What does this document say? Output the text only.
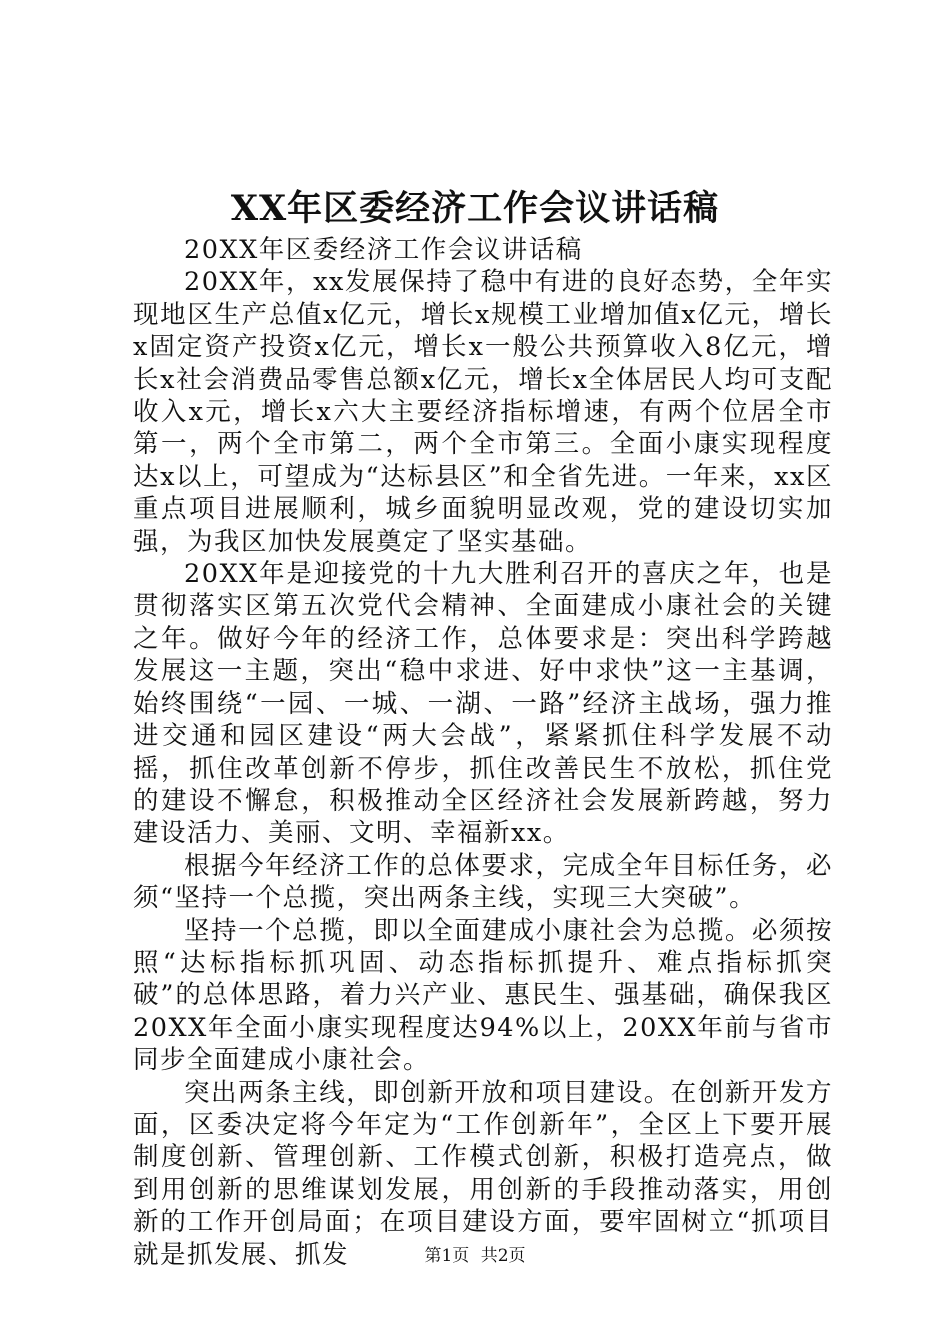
XX年区委经济工作会议讲话稿

20XX年区委经济工作会议讲话稿

20XX年，xx发展保持了稳中有进的良好态势，全年实现地区生产总值x亿元，增长x规模工业增加值x亿元，增长x固定资产投资x亿元，增长x一般公共预算收入8亿元，增长x社会消费品零售总额x亿元，增长x全体居民人均可支配收入x元，增长x六大主要经济指标增速，有两个位居全市第一，两个全市第二，两个全市第三。全面小康实现程度达x以上，可望成为“达标县区”和全省先进。一年来，xx区重点项目进展顺利，城乡面貌明显改观，党的建设切实加强，为我区加快发展奠定了坚实基础。

20XX年是迎接党的十九大胜利召开的喜庆之年，也是贯彻落实区第五次党代会精神、全面建成小康社会的关键之年。做好今年的经济工作，总体要求是：突出科学跨越发展这一主题，突出“稳中求进、好中求快”这一主基调，始终围绕“一园、一城、一湖、一路”经济主战场，强力推进交通和园区建设“两大会战”，紧紧抓住科学发展不动摇，抓住改革创新不停步，抓住改善民生不放松，抓住党的建设不懈怠，积极推动全区经济社会发展新跨越，努力建设活力、美丽、文明、幸福新xx。

根据今年经济工作的总体要求，完成全年目标任务，必须“坚持一个总揽，突出两条主线，实现三大突破”。

坚持一个总揽，即以全面建成小康社会为总揽。必须按照“达标指标抓巩固、动态指标抓提升、难点指标抓突破”的总体思路，着力兴产业、惠民生、强基础，确保我区20XX年全面小康实现程度达94%以上，20XX年前与省市同步全面建成小康社会。

突出两条主线，即创新开放和项目建设。在创新开发方面，区委决定将今年定为“工作创新年”，全区上下要开展制度创新、管理创新、工作模式创新，积极打造亮点，做到用创新的思维谋划发展，用创新的手段推动落实，用创新的工作开创局面；在项目建设方面，要牢固树立“抓项目就是抓发展、抓发	第1页 共2页
